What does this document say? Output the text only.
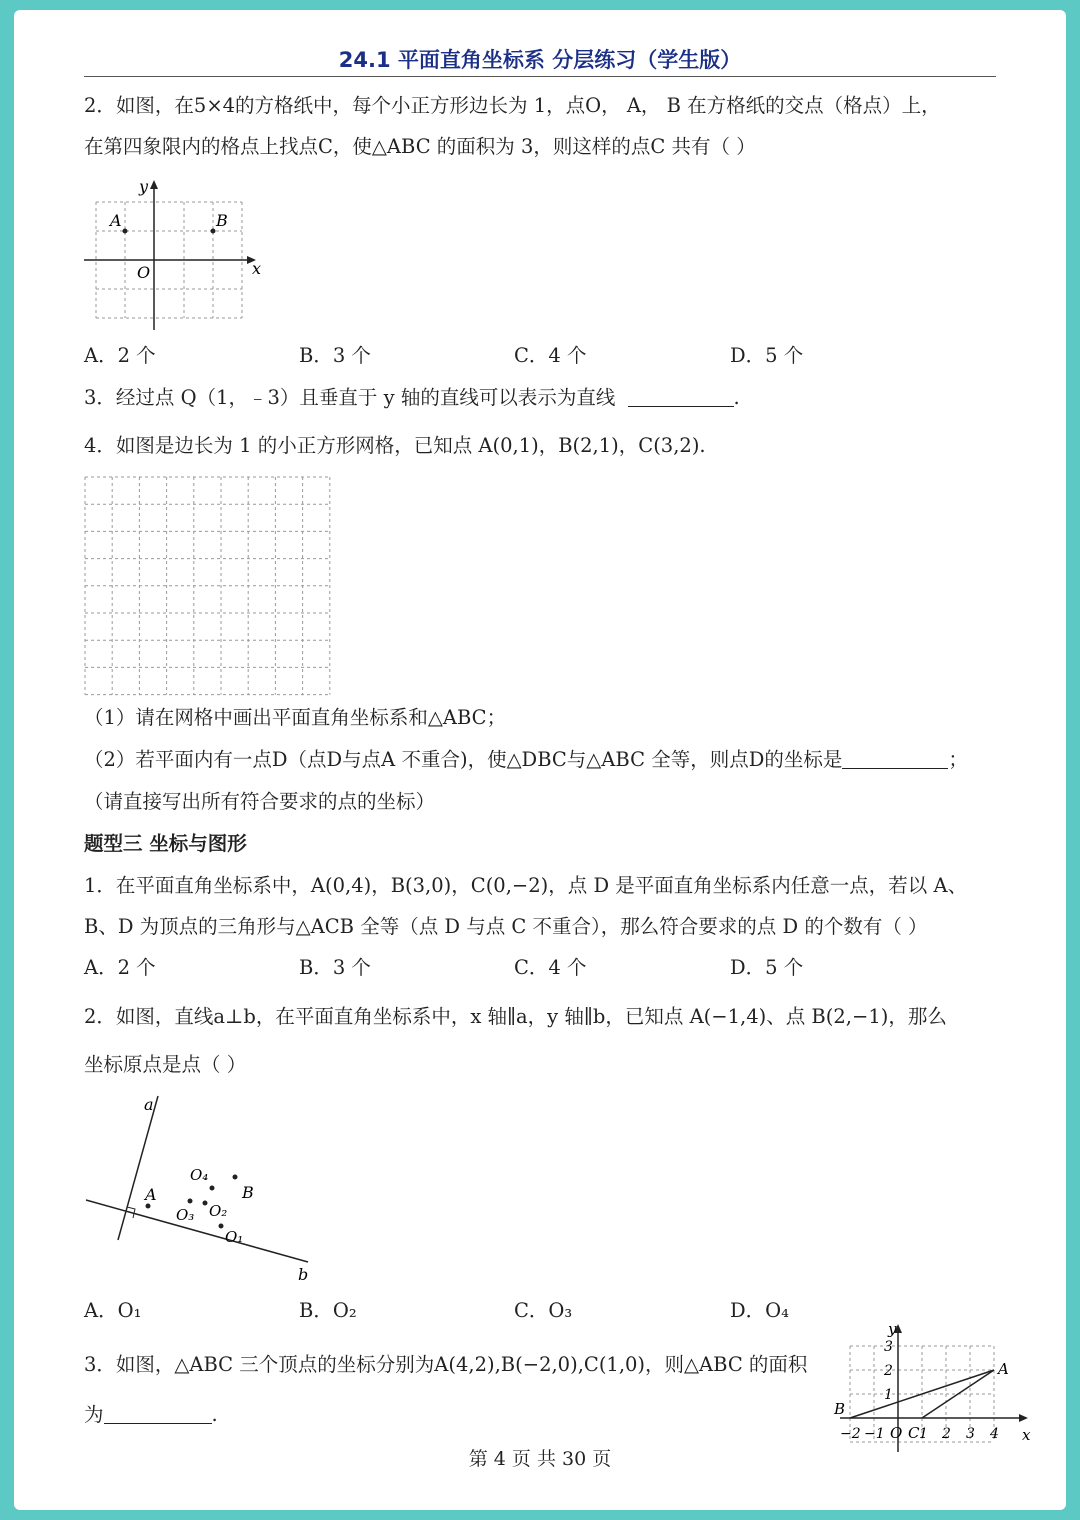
24.1 平面直角坐标系 分层练习（学生版）
2．如图，在5×4的方格纸中，每个小正方形边长为 1，点O， A， B 在方格纸的交点（格点）上，
在第四象限内的格点上找点C，使△ABC 的面积为 3，则这样的点C 共有（ ）
y
x
O
A	B
A．2 个	B．3 个	C．4 个	D．5 个
3．经过点 Q（1，﹣3）且垂直于 y 轴的直线可以表示为直线	.
4．如图是边长为 1 的小正方形网格，已知点 A(0,1)，B(2,1)，C(3,2).
（1）请在网格中画出平面直角坐标系和△ABC；
（2）若平面内有一点D（点D与点A 不重合)，使△DBC与△ABC 全等，则点D的坐标是	；
（请直接写出所有符合要求的点的坐标）
题型三 坐标与图形
1．在平面直角坐标系中，A(0,4)，B(3,0)，C(0,−2)，点 D 是平面直角坐标系内任意一点，若以 A、
B、D 为顶点的三角形与△ACB 全等（点 D 与点 C 不重合），那么符合要求的点 D 的个数有（ ）
A．2 个	B．3 个	C．4 个	D．5 个
2．如图，直线a⊥b，在平面直角坐标系中，x 轴∥a，y 轴∥b，已知点 A(−1,4)、点 B(2,−1)，那么
坐标原点是点（ ）
a
b
A	B
O₄
O₃ O₂
O₁
A．O₁	B．O₂	C．O₃	D．O₄
3．如图，△ABC 三个顶点的坐标分别为A(4,2),B(−2,0),C(1,0)，则△ABC 的面积
为	.
y
x
A
B
3
2
1
−2 −1 O C 1 2 3 4
第 4 页 共 30 页
